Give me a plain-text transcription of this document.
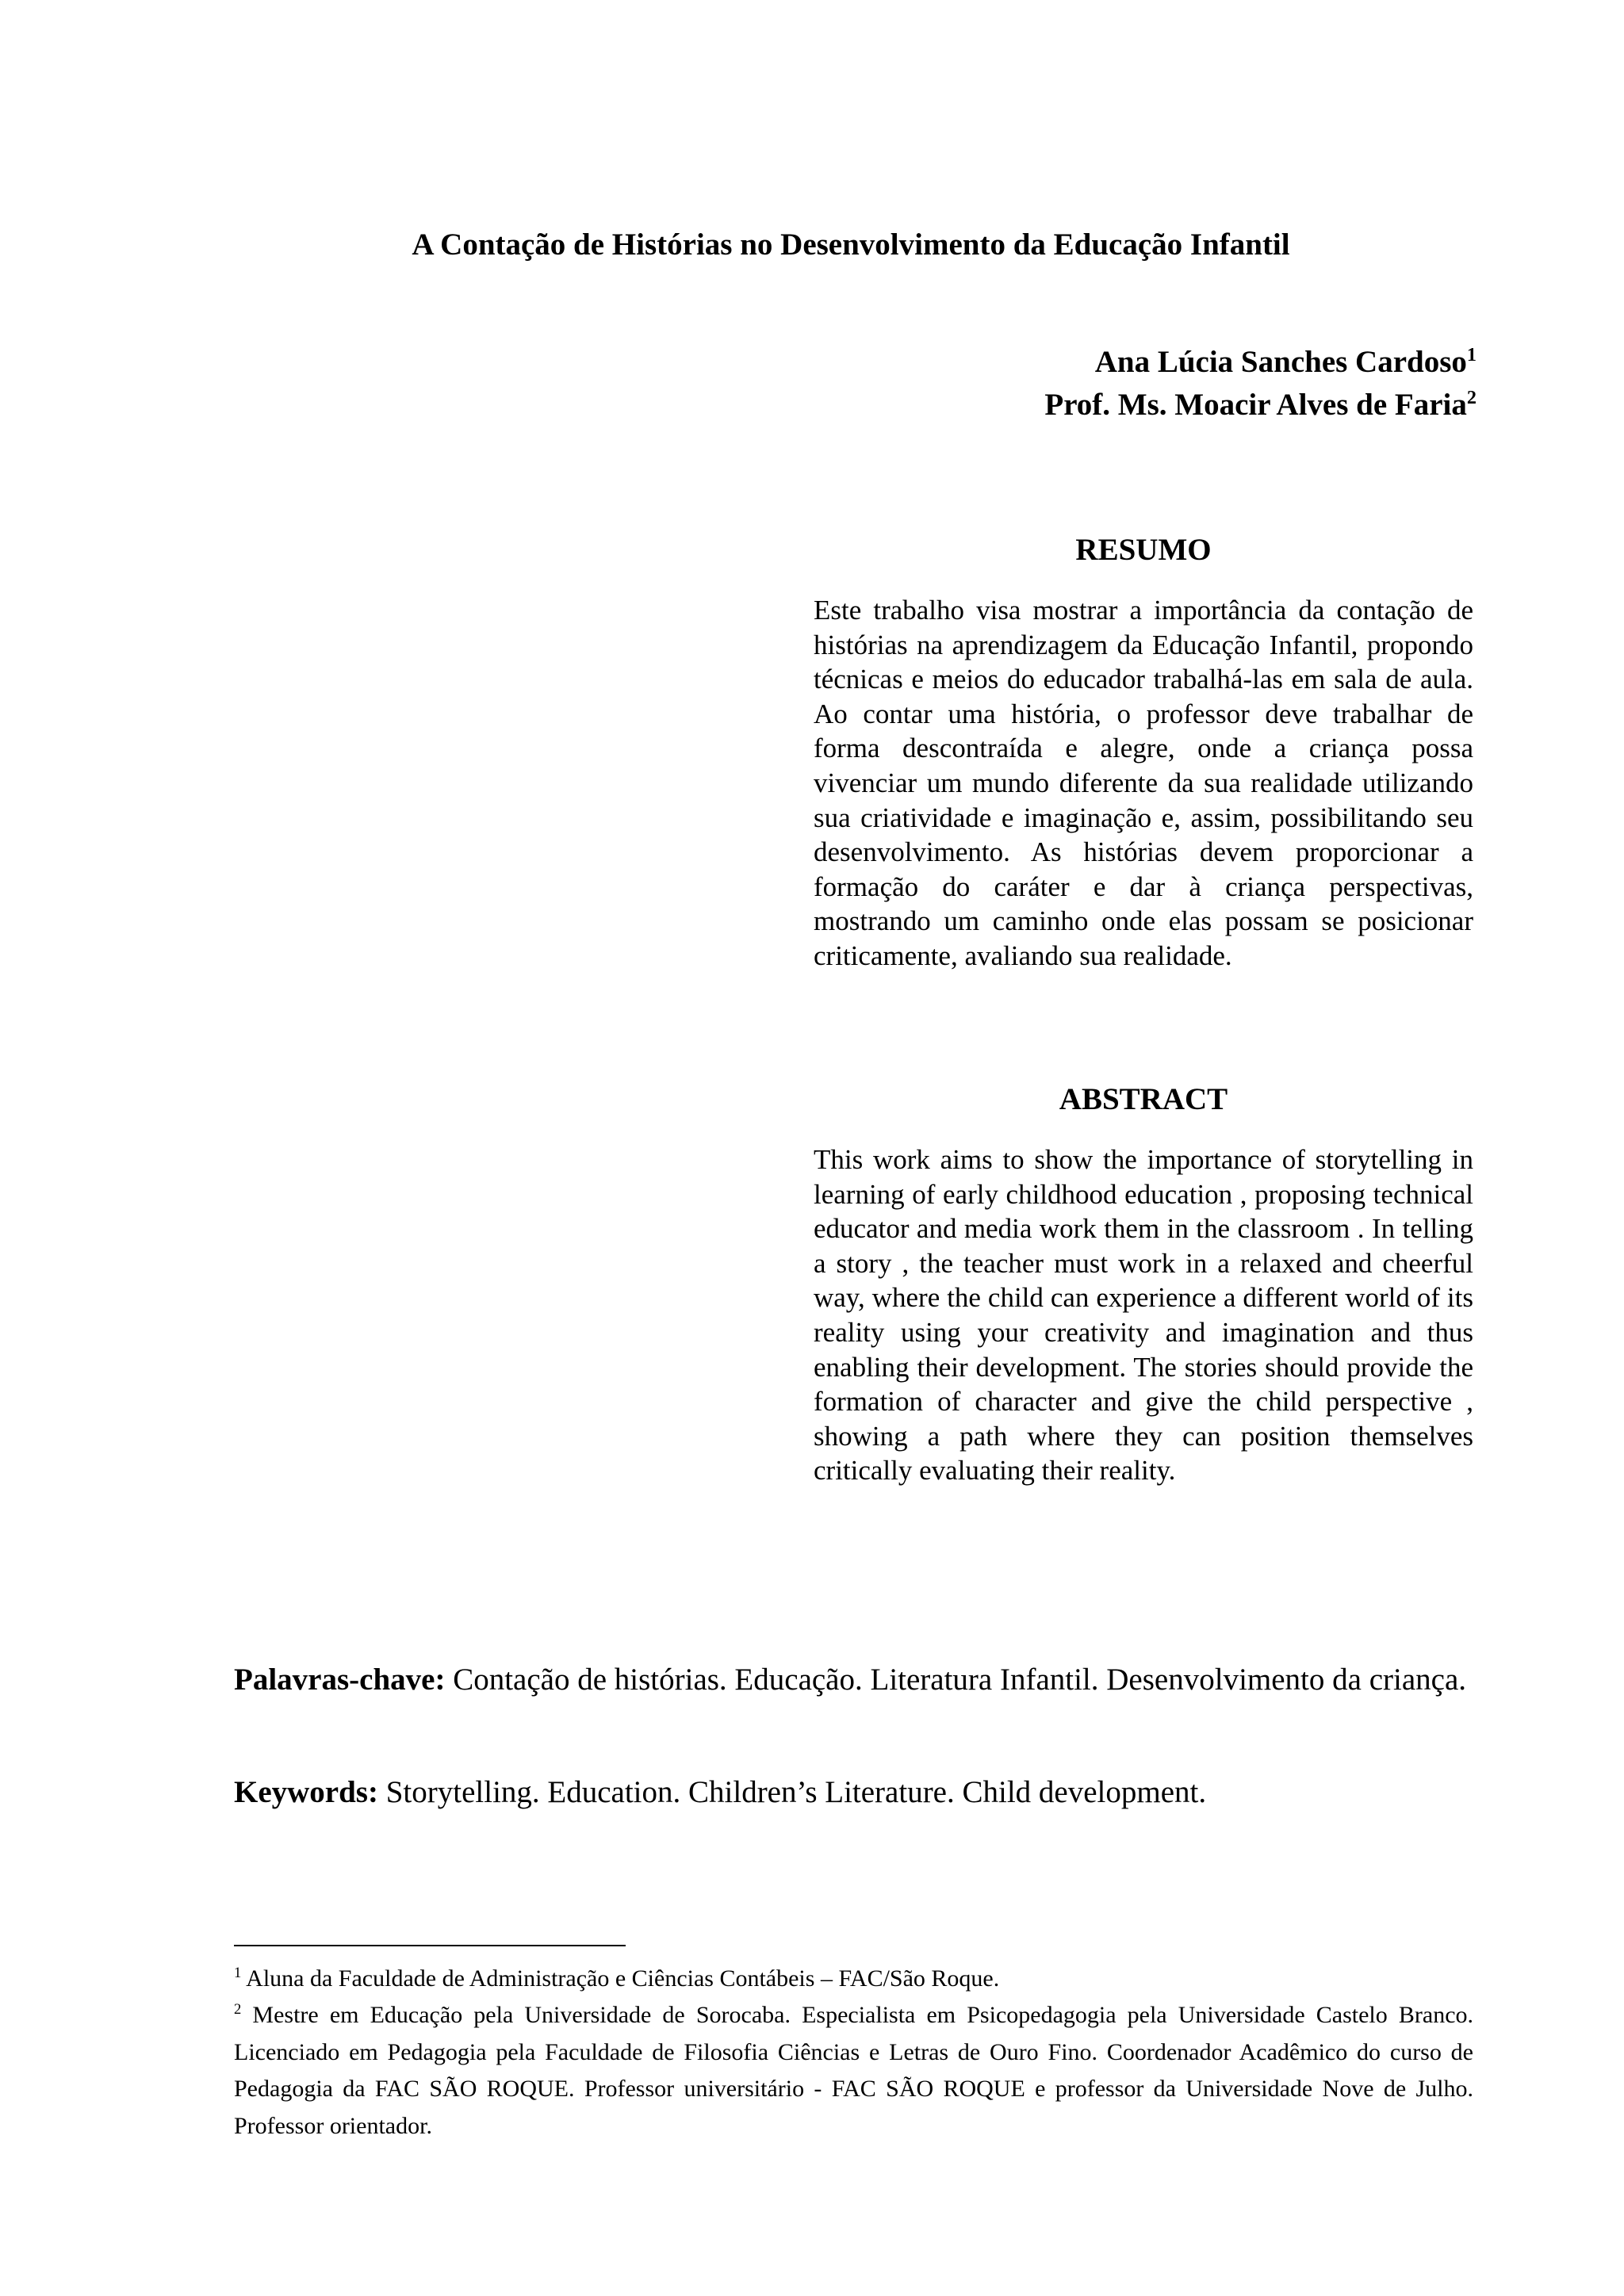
A Contação de Histórias no Desenvolvimento da Educação Infantil
Ana Lúcia Sanches Cardoso$^1$
Prof. Ms. Moacir Alves de Faria$^2$
RESUMO

Este trabalho visa mostrar a importância da contação de histórias na aprendizagem da Educação Infantil, propondo técnicas e meios do educador trabalhá-las em sala de aula. Ao contar uma história, o professor deve trabalhar de forma descontraída e alegre, onde a criança possa vivenciar um mundo diferente da sua realidade utilizando sua criatividade e imaginação e, assim, possibilitando seu desenvolvimento. As histórias devem proporcionar a formação do caráter e dar à criança perspectivas, mostrando um caminho onde elas possam se posicionar criticamente, avaliando sua realidade.

ABSTRACT

This work aims to show the importance of storytelling in learning of early childhood education , proposing technical educator and media work them in the classroom . In telling a story , the teacher must work in a relaxed and cheerful way, where the child can experience a different world of its reality using your creativity and imagination and thus enabling their development. The stories should provide the formation of character and give the child perspective , showing a path where they can position themselves critically evaluating their reality.

Palavras-chave: Contação de histórias. Educação. Literatura Infantil. Desenvolvimento da criança.

Keywords: Storytelling. Education. Children’s Literature. Child development.

$^1$ Aluna da Faculdade de Administração e Ciências Contábeis – FAC/São Roque.

$^2$ Mestre em Educação pela Universidade de Sorocaba. Especialista em Psicopedagogia pela Universidade Castelo Branco. Licenciado em Pedagogia pela Faculdade de Filosofia Ciências e Letras de Ouro Fino. Coordenador Acadêmico do curso de Pedagogia da FAC SÃO ROQUE. Professor universitário - FAC SÃO ROQUE e professor da Universidade Nove de Julho. Professor orientador.
